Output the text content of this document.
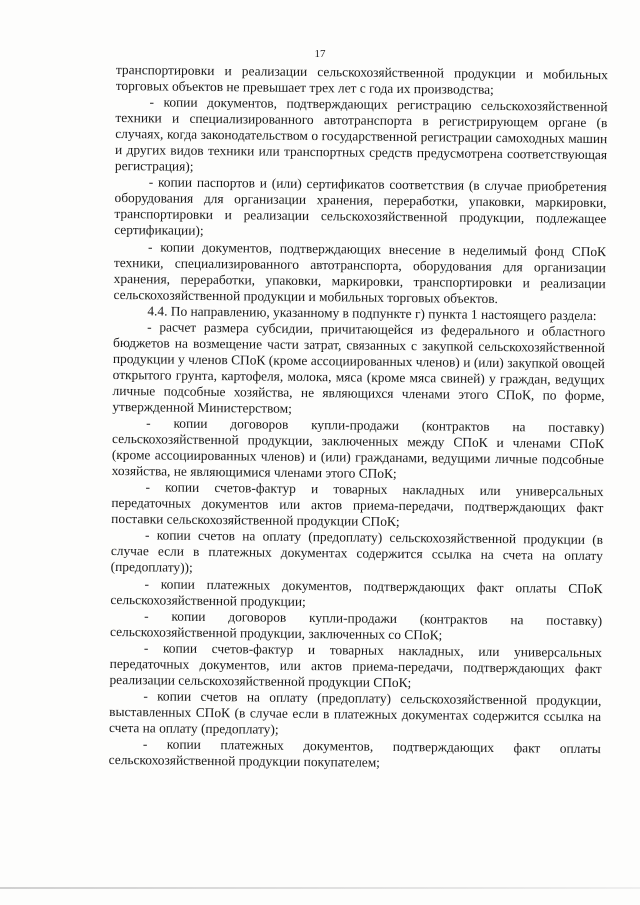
17

транспортировки и реализации сельскохозяйственной продукции и мобильных торговых объектов не превышает трех лет с года их производства;

- копии документов, подтверждающих регистрацию сельскохозяйственной техники и специализированного автотранспорта в регистрирующем органе (в случаях, когда законодательством о государственной регистрации самоходных машин и других видов техники или транспортных средств предусмотрена соответствующая регистрация);

- копии паспортов и (или) сертификатов соответствия (в случае приобретения оборудования для организации хранения, переработки, упаковки, маркировки, транспортировки и реализации сельскохозяйственной продукции, подлежащее сертификации);

- копии документов, подтверждающих внесение в неделимый фонд СПоК техники, специализированного автотранспорта, оборудования для организации хранения, переработки, упаковки, маркировки, транспортировки и реализации сельскохозяйственной продукции и мобильных торговых объектов.

4.4. По направлению, указанному в подпункте г) пункта 1 настоящего раздела:

- расчет размера субсидии, причитающейся из федерального и областного бюджетов на возмещение части затрат, связанных с закупкой сельскохозяйственной продукции у членов СПоК (кроме ассоциированных членов) и (или) закупкой овощей открытого грунта, картофеля, молока, мяса (кроме мяса свиней) у граждан, ведущих личные подсобные хозяйства, не являющихся членами этого СПоК, по форме, утвержденной Министерством;

- копии договоров купли-продажи (контрактов на поставку) сельскохозяйственной продукции, заключенных между СПоК и членами СПоК (кроме ассоциированных членов) и (или) гражданами, ведущими личные подсобные хозяйства, не являющимися членами этого СПоК;

- копии счетов-фактур и товарных накладных или универсальных передаточных документов или актов приема-передачи, подтверждающих факт поставки сельскохозяйственной продукции СПоК;

- копии счетов на оплату (предоплату) сельскохозяйственной продукции (в случае если в платежных документах содержится ссылка на счета на оплату (предоплату));

- копии платежных документов, подтверждающих факт оплаты СПоК сельскохозяйственной продукции;

- копии договоров купли-продажи (контрактов на поставку) сельскохозяйственной продукции, заключенных со СПоК;

- копии счетов-фактур и товарных накладных, или универсальных передаточных документов, или актов приема-передачи, подтверждающих факт реализации сельскохозяйственной продукции СПоК;

- копии счетов на оплату (предоплату) сельскохозяйственной продукции, выставленных СПоК (в случае если в платежных документах содержится ссылка на счета на оплату (предоплату);

- копии платежных документов, подтверждающих факт оплаты сельскохозяйственной продукции покупателем;
